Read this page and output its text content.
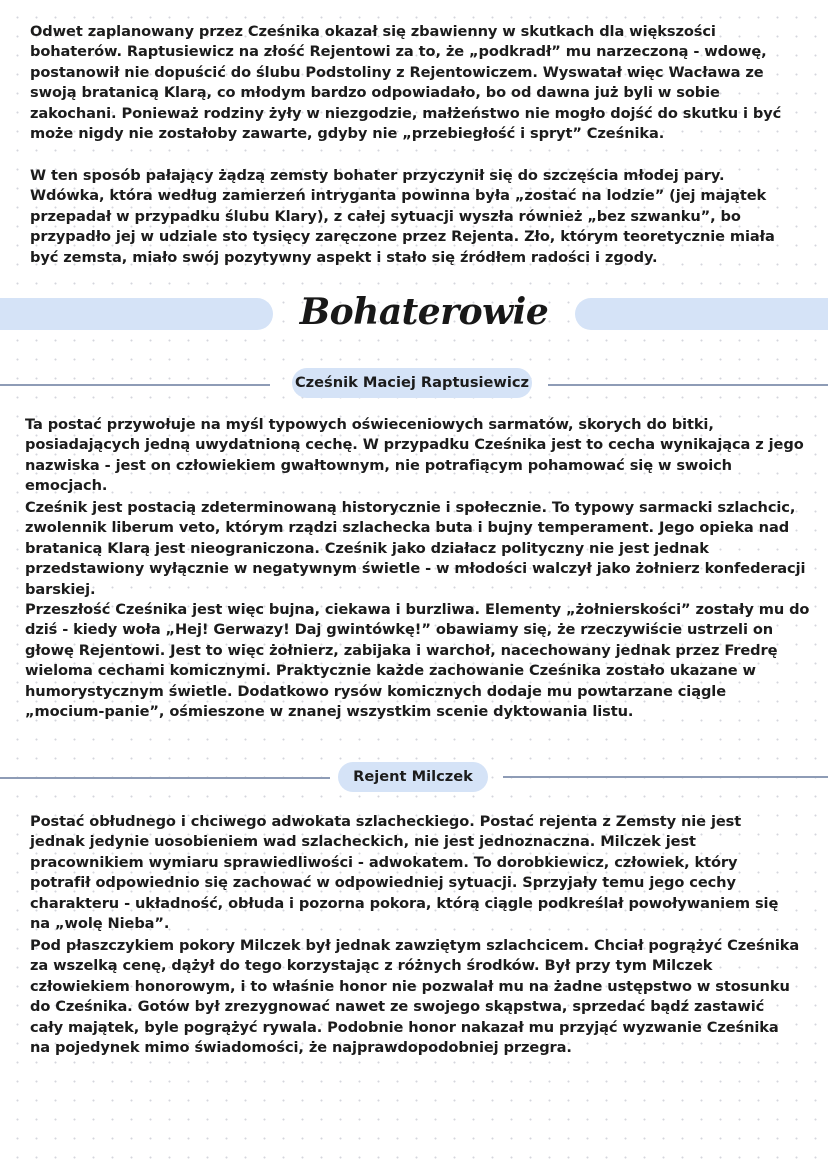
Odwet zaplanowany przez Cześnika okazał się zbawienny w skutkach dla większości bohaterów. Raptusiewicz na złość Rejentowi za to, że „podkradł” mu narzeczoną - wdowę, postanowił nie dopuścić do ślubu Podstoliny z Rejentowiczem. Wyswatał więc Wacława ze swoją bratanicą Klarą, co młodym bardzo odpowiadało, bo od dawna już byli w sobie zakochani. Ponieważ rodziny żyły w niezgodzie, małżeństwo nie mogło dojść do skutku i być może nigdy nie zostałoby zawarte, gdyby nie „przebiegłość i spryt” Cześnika.

W ten sposób pałający żądzą zemsty bohater przyczynił się do szczęścia młodej pary. Wdówka, która według zamierzeń intryganta powinna była „zostać na lodzie” (jej majątek przepadał w przypadku ślubu Klary), z całej sytuacji wyszła również „bez szwanku”, bo przypadło jej w udziale sto tysięcy zaręczone przez Rejenta. Zło, którym teoretycznie miała być zemsta, miało swój pozytywny aspekt i stało się źródłem radości i zgody.

Bohaterowie
Cześnik Maciej Raptusiewicz

Ta postać przywołuje na myśl typowych oświeceniowych sarmatów, skorych do bitki, posiadających jedną uwydatnioną cechę. W przypadku Cześnika jest to cecha wynikająca z jego nazwiska - jest on człowiekiem gwałtownym, nie potrafiącym pohamować się w swoich emocjach.

Cześnik jest postacią zdeterminowaną historycznie i społecznie. To typowy sarmacki szlachcic, zwolennik liberum veto, którym rządzi szlachecka buta i bujny temperament. Jego opieka nad bratanicą Klarą jest nieograniczona. Cześnik jako działacz polityczny nie jest jednak przedstawiony wyłącznie w negatywnym świetle - w młodości walczył jako żołnierz konfederacji barskiej.

Przeszłość Cześnika jest więc bujna, ciekawa i burzliwa. Elementy „żołnierskości” zostały mu do dziś - kiedy woła „Hej! Gerwazy! Daj gwintówkę!” obawiamy się, że rzeczywiście ustrzeli on głowę Rejentowi. Jest to więc żołnierz, zabijaka i warchoł, nacechowany jednak przez Fredrę wieloma cechami komicznymi. Praktycznie każde zachowanie Cześnika zostało ukazane w humorystycznym świetle. Dodatkowo rysów komicznych dodaje mu powtarzane ciągle „mocium-panie”, ośmieszone w znanej wszystkim scenie dyktowania listu.

Rejent Milczek

Postać obłudnego i chciwego adwokata szlacheckiego. Postać rejenta z Zemsty nie jest jednak jedynie uosobieniem wad szlacheckich, nie jest jednoznaczna. Milczek jest pracownikiem wymiaru sprawiedliwości - adwokatem. To dorobkiewicz, człowiek, który potrafił odpowiednio się zachować w odpowiedniej sytuacji. Sprzyjały temu jego cechy charakteru - układność, obłuda i pozorna pokora, którą ciągle podkreślał powoływaniem się na „wolę Nieba”.

Pod płaszczykiem pokory Milczek był jednak zawziętym szlachcicem. Chciał pogrążyć Cześnika za wszelką cenę, dążył do tego korzystając z różnych środków. Był przy tym Milczek człowiekiem honorowym, i to właśnie honor nie pozwalał mu na żadne ustępstwo w stosunku do Cześnika. Gotów był zrezygnować nawet ze swojego skąpstwa, sprzedać bądź zastawić cały majątek, byle pogrążyć rywala. Podobnie honor nakazał mu przyjąć wyzwanie Cześnika na pojedynek mimo świadomości, że najprawdopodobniej przegra.
